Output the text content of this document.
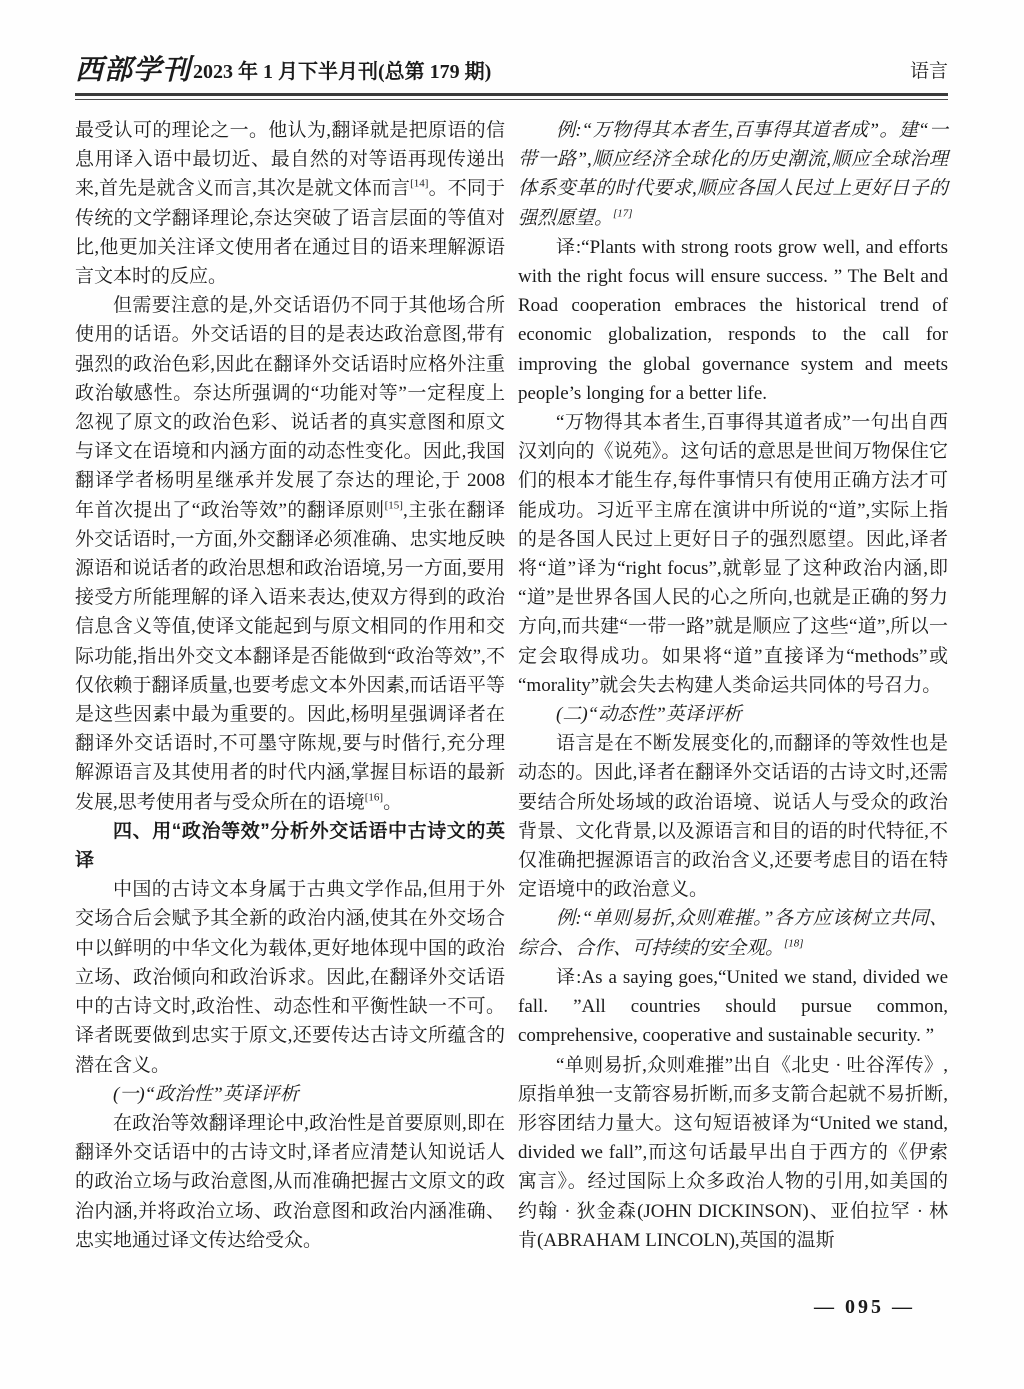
西部学刊 2023 年 1 月下半月刊(总第 179 期)	语言

最受认可的理论之一。他认为,翻译就是把原语的信息用译入语中最切近、最自然的对等语再现传递出来,首先是就含义而言,其次是就文体而言[14]。不同于传统的文学翻译理论,奈达突破了语言层面的等值对比,他更加关注译文使用者在通过目的语来理解源语言文本时的反应。

但需要注意的是,外交话语仍不同于其他场合所使用的话语。外交话语的目的是表达政治意图,带有强烈的政治色彩,因此在翻译外交话语时应格外注重政治敏感性。奈达所强调的“功能对等”一定程度上忽视了原文的政治色彩、说话者的真实意图和原文与译文在语境和内涵方面的动态性变化。因此,我国翻译学者杨明星继承并发展了奈达的理论,于 2008 年首次提出了“政治等效”的翻译原则[15],主张在翻译外交话语时,一方面,外交翻译必须准确、忠实地反映源语和说话者的政治思想和政治语境,另一方面,要用接受方所能理解的译入语来表达,使双方得到的政治信息含义等值,使译文能起到与原文相同的作用和交际功能,指出外交文本翻译是否能做到“政治等效”,不仅依赖于翻译质量,也要考虑文本外因素,而话语平等是这些因素中最为重要的。因此,杨明星强调译者在翻译外交话语时,不可墨守陈规,要与时偕行,充分理解源语言及其使用者的时代内涵,掌握目标语的最新发展,思考使用者与受众所在的语境[16]。

四、用“政治等效”分析外交话语中古诗文的英译

中国的古诗文本身属于古典文学作品,但用于外交场合后会赋予其全新的政治内涵,使其在外交场合中以鲜明的中华文化为载体,更好地体现中国的政治立场、政治倾向和政治诉求。因此,在翻译外交话语中的古诗文时,政治性、动态性和平衡性缺一不可。译者既要做到忠实于原文,还要传达古诗文所蕴含的潜在含义。

(一)“政治性”英译评析

在政治等效翻译理论中,政治性是首要原则,即在翻译外交话语中的古诗文时,译者应清楚认知说话人的政治立场与政治意图,从而准确把握古文原文的政治内涵,并将政治立场、政治意图和政治内涵准确、忠实地通过译文传达给受众。

例:“万物得其本者生,百事得其道者成”。建“一带一路”,顺应经济全球化的历史潮流,顺应全球治理体系变革的时代要求,顺应各国人民过上更好日子的强烈愿望。[17]

译:“Plants with strong roots grow well, and efforts with the right focus will ensure success. ” The Belt and Road cooperation embraces the historical trend of economic globalization, responds to the call for improving the global governance system and meets people’s longing for a better life.

“万物得其本者生,百事得其道者成”一句出自西汉刘向的《说苑》。这句话的意思是世间万物保住它们的根本才能生存,每件事情只有使用正确方法才可能成功。习近平主席在演讲中所说的“道”,实际上指的是各国人民过上更好日子的强烈愿望。因此,译者将“道”译为“right focus”,就彰显了这种政治内涵,即“道”是世界各国人民的心之所向,也就是正确的努力方向,而共建“一带一路”就是顺应了这些“道”,所以一定会取得成功。如果将“道”直接译为“methods”或“morality”就会失去构建人类命运共同体的号召力。

(二)“动态性”英译评析

语言是在不断发展变化的,而翻译的等效性也是动态的。因此,译者在翻译外交话语的古诗文时,还需要结合所处场域的政治语境、说话人与受众的政治背景、文化背景,以及源语言和目的语的时代特征,不仅准确把握源语言的政治含义,还要考虑目的语在特定语境中的政治意义。

例:“单则易折,众则难摧。”各方应该树立共同、综合、合作、可持续的安全观。[18]

译:As a saying goes,“United we stand, divided we fall. ”All countries should pursue common, comprehensive, cooperative and sustainable security. ”

“单则易折,众则难摧”出自《北史 · 吐谷浑传》,原指单独一支箭容易折断,而多支箭合起就不易折断,形容团结力量大。这句短语被译为“United we stand, divided we fall”,而这句话最早出自于西方的《伊索寓言》。经过国际上众多政治人物的引用,如美国的约翰 · 狄金森(JOHN DICKINSON)、亚伯拉罕 · 林肯(ABRAHAM LINCOLN),英国的温斯

— 095 —
